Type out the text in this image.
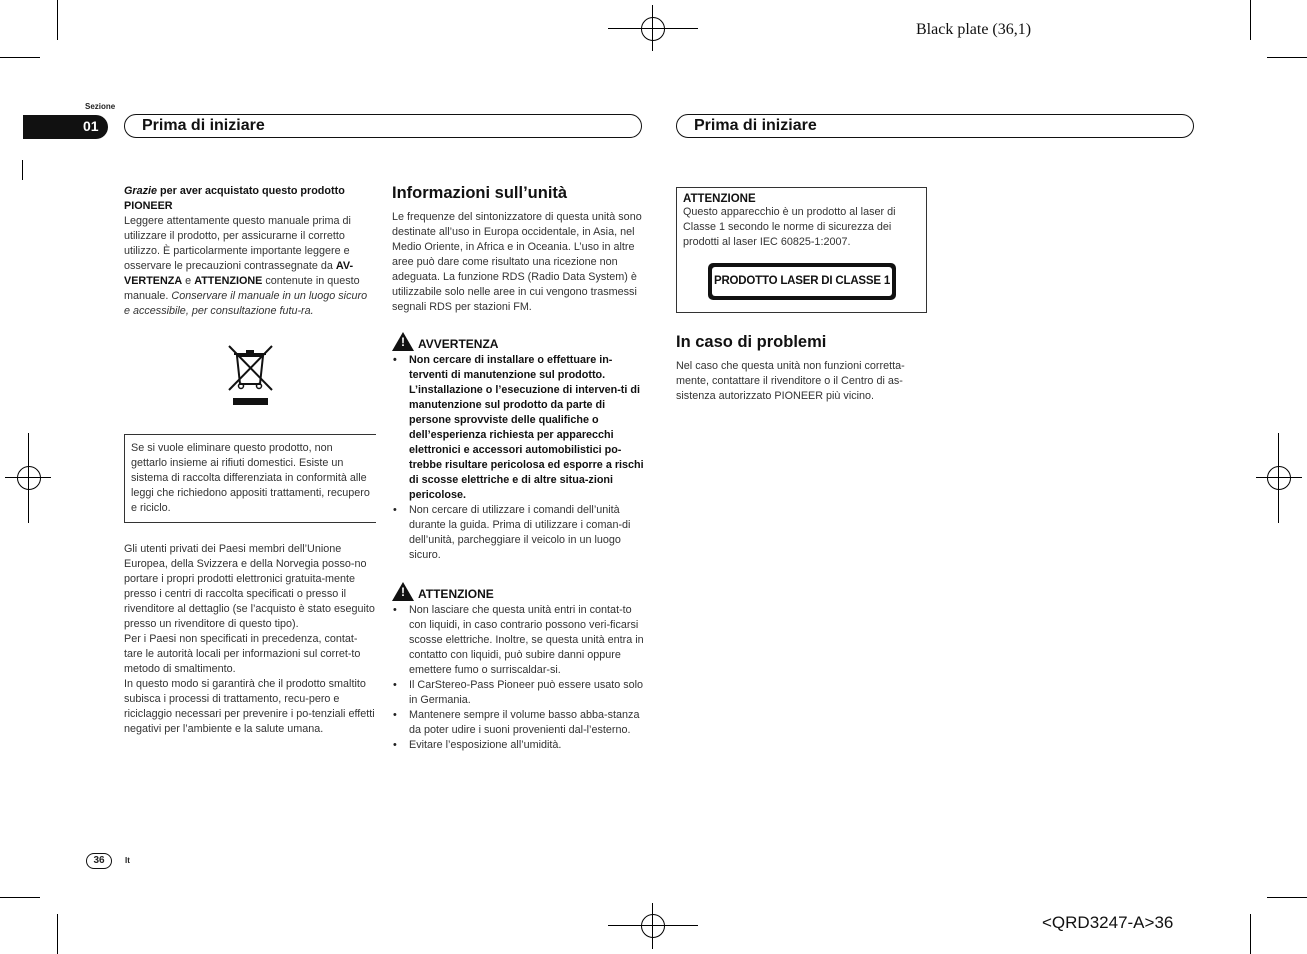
Black plate (36,1)
Sezione
01	Prima di iniziare	Prima di iniziare
Grazie per aver acquistato questo prodotto PIONEER
Leggere attentamente questo manuale prima di utilizzare il prodotto, per assicurarne il corretto utilizzo. È particolarmente importante leggere e osservare le precauzioni contrassegnate da AV-VERTENZA e ATTENZIONE contenute in questo manuale. Conservare il manuale in un luogo sicuro e accessibile, per consultazione futu-ra.
Se si vuole eliminare questo prodotto, non gettarlo insieme ai rifiuti domestici. Esiste un sistema di raccolta differenziata in conformità alle leggi che richiedono appositi trattamenti, recupero e riciclo.
Gli utenti privati dei Paesi membri dell’Unione Europea, della Svizzera e della Norvegia posso-no portare i propri prodotti elettronici gratuita-mente presso i centri di raccolta specificati o presso il rivenditore al dettaglio (se l’acquisto è stato eseguito presso un rivenditore di questo tipo).
Per i Paesi non specificati in precedenza, contat-tare le autorità locali per informazioni sul corret-to metodo di smaltimento.
In questo modo si garantirà che il prodotto smaltito subisca i processi di trattamento, recu-pero e riciclaggio necessari per prevenire i po-tenziali effetti negativi per l’ambiente e la salute umana.
Informazioni sull’unità
Le frequenze del sintonizzatore di questa unità sono destinate all’uso in Europa occidentale, in Asia, nel Medio Oriente, in Africa e in Oceania. L’uso in altre aree può dare come risultato una ricezione non adeguata. La funzione RDS (Radio Data System) è utilizzabile solo nelle aree in cui vengono trasmessi segnali RDS per stazioni FM.
! AVVERTENZA
• Non cercare di installare o effettuare in-terventi di manutenzione sul prodotto. L’installazione o l’esecuzione di interven-ti di manutenzione sul prodotto da parte di persone sprovviste delle qualifiche o dell’esperienza richiesta per apparecchi elettronici e accessori automobilistici po-trebbe risultare pericolosa ed esporre a rischi di scosse elettriche e di altre situa-zioni pericolose.
• Non cercare di utilizzare i comandi dell’unità durante la guida. Prima di utilizzare i coman-di dell’unità, parcheggiare il veicolo in un luogo sicuro.
! ATTENZIONE
• Non lasciare che questa unità entri in contat-to con liquidi, in caso contrario possono veri-ficarsi scosse elettriche. Inoltre, se questa unità entra in contatto con liquidi, può subire danni oppure emettere fumo o surriscaldar-si.
• Il CarStereo-Pass Pioneer può essere usato solo in Germania.
• Mantenere sempre il volume basso abba-stanza da poter udire i suoni provenienti dal-l’esterno.
• Evitare l’esposizione all’umidità.
ATTENZIONE
Questo apparecchio è un prodotto al laser di Classe 1 secondo le norme di sicurezza dei prodotti al laser IEC 60825-1:2007.
PRODOTTO LASER DI CLASSE 1
In caso di problemi
Nel caso che questa unità non funzioni corretta-mente, contattare il rivenditore o il Centro di as-sistenza autorizzato PIONEER più vicino.
36	It
<QRD3247-A>36
